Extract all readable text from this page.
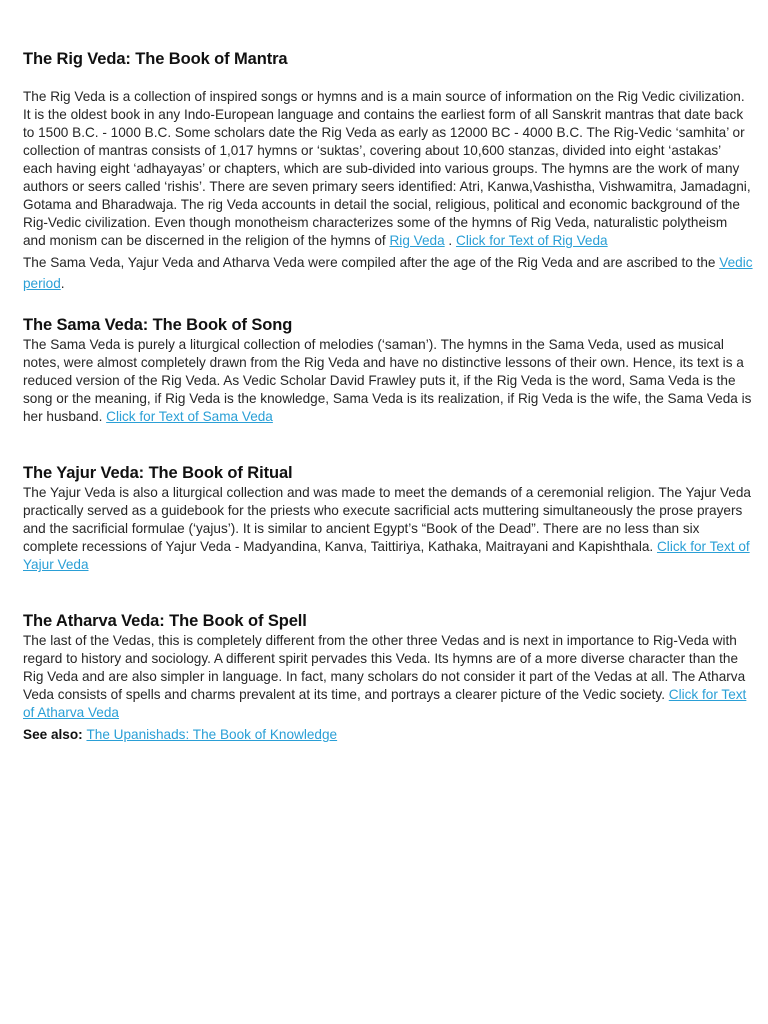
The Rig Veda: The Book of Mantra

The Rig Veda is a collection of inspired songs or hymns and is a main source of information on the Rig Vedic civilization. It is the oldest book in any Indo-European language and contains the earliest form of all Sanskrit mantras that date back to 1500 B.C. - 1000 B.C. Some scholars date the Rig Veda as early as 12000 BC - 4000 B.C. The Rig-Vedic ‘samhita’ or collection of mantras consists of 1,017 hymns or ‘suktas’, covering about 10,600 stanzas, divided into eight ‘astakas’ each having eight ‘adhayayas’ or chapters, which are sub-divided into various groups. The hymns are the work of many authors or seers called ‘rishis’. There are seven primary seers identified: Atri, Kanwa,Vashistha, Vishwamitra, Jamadagni, Gotama and Bharadwaja. The rig Veda accounts in detail the social, religious, political and economic background of the Rig-Vedic civilization. Even though monotheism characterizes some of the hymns of Rig Veda, naturalistic polytheism and monism can be discerned in the religion of the hymns of Rig Veda . Click for Text of Rig Veda

The Sama Veda, Yajur Veda and Atharva Veda were compiled after the age of the Rig Veda and are ascribed to the Vedic period.

The Sama Veda: The Book of Song

The Sama Veda is purely a liturgical collection of melodies (‘saman’). The hymns in the Sama Veda, used as musical notes, were almost completely drawn from the Rig Veda and have no distinctive lessons of their own. Hence, its text is a reduced version of the Rig Veda. As Vedic Scholar David Frawley puts it, if the Rig Veda is the word, Sama Veda is the song or the meaning, if Rig Veda is the knowledge, Sama Veda is its realization, if Rig Veda is the wife, the Sama Veda is her husband. Click for Text of Sama Veda

The Yajur Veda: The Book of Ritual

The Yajur Veda is also a liturgical collection and was made to meet the demands of a ceremonial religion. The Yajur Veda practically served as a guidebook for the priests who execute sacrificial acts muttering simultaneously the prose prayers and the sacrificial formulae (‘yajus’). It is similar to ancient Egypt’s “Book of the Dead”. There are no less than six complete recessions of Yajur Veda - Madyandina, Kanva, Taittiriya, Kathaka, Maitrayani and Kapishthala. Click for Text of Yajur Veda

The Atharva Veda: The Book of Spell

The last of the Vedas, this is completely different from the other three Vedas and is next in importance to Rig-Veda with regard to history and sociology. A different spirit pervades this Veda. Its hymns are of a more diverse character than the Rig Veda and are also simpler in language. In fact, many scholars do not consider it part of the Vedas at all. The Atharva Veda consists of spells and charms prevalent at its time, and portrays a clearer picture of the Vedic society. Click for Text of Atharva Veda

See also: The Upanishads: The Book of Knowledge
